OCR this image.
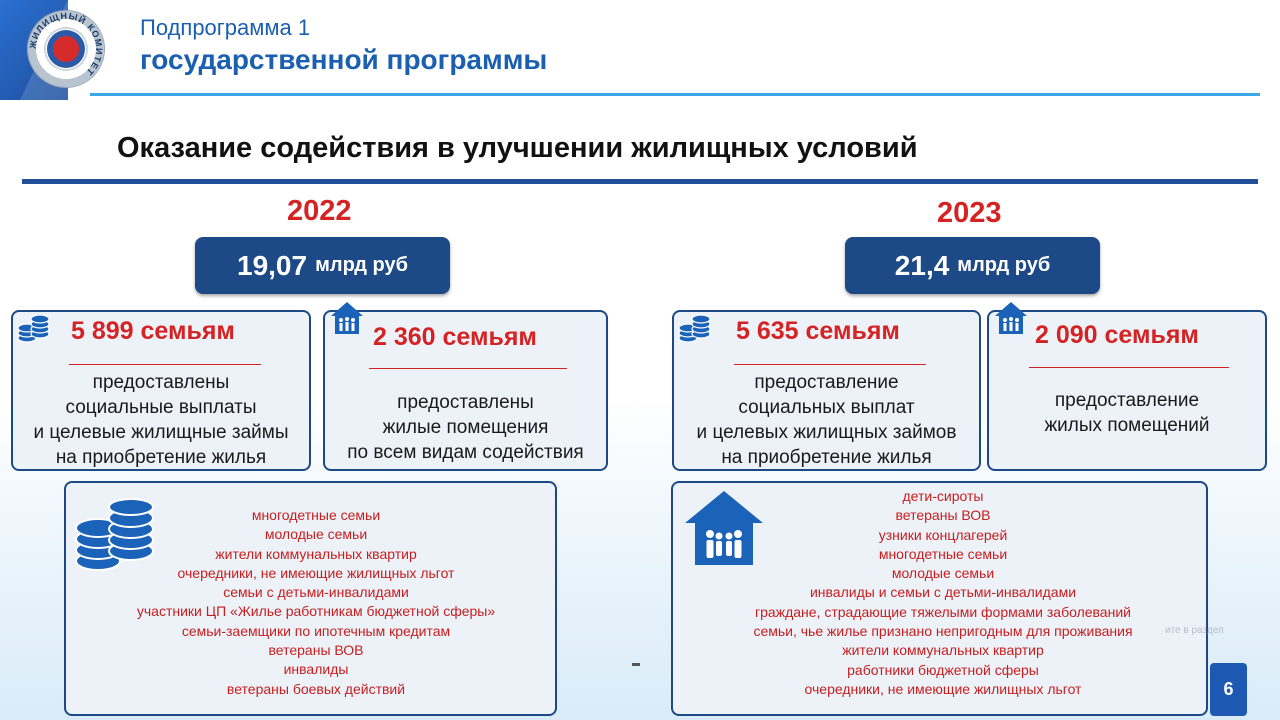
ЖИЛИЩНЫЙ КОМИТЕТ
Подпрограмма 1
государственной программы
Оказание содействия в улучшении жилищных условий
2022
19,07 млрд руб
5 899 семьям
предоставлены
социальные выплаты
и целевые жилищные займы
на приобретение жилья
2 360 семьям
предоставлены
жилые помещения
по всем видам содействия
многодетные семьи
молодые семьи
жители коммунальных квартир
очередники, не имеющие жилищных льгот
семьи с детьми-инвалидами
участники ЦП «Жилье работникам бюджетной сферы»
семьи-заемщики по ипотечным кредитам
ветераны ВОВ
инвалиды
ветераны боевых действий
2023
21,4 млрд руб
5 635 семьям
предоставление
социальных выплат
и целевых жилищных займов
на приобретение жилья
2 090 семьям
предоставление
жилых помещений
дети-сироты
ветераны ВОВ
узники концлагерей
многодетные семьи
молодые семьи
инвалиды и семьи с детьми-инвалидами
граждане, страдающие тяжелыми формами заболеваний
семьи, чье жилье признано непригодным для проживания
жители коммунальных квартир
работники бюджетной сферы
очередники, не имеющие жилищных льгот
ите в раздел
6
